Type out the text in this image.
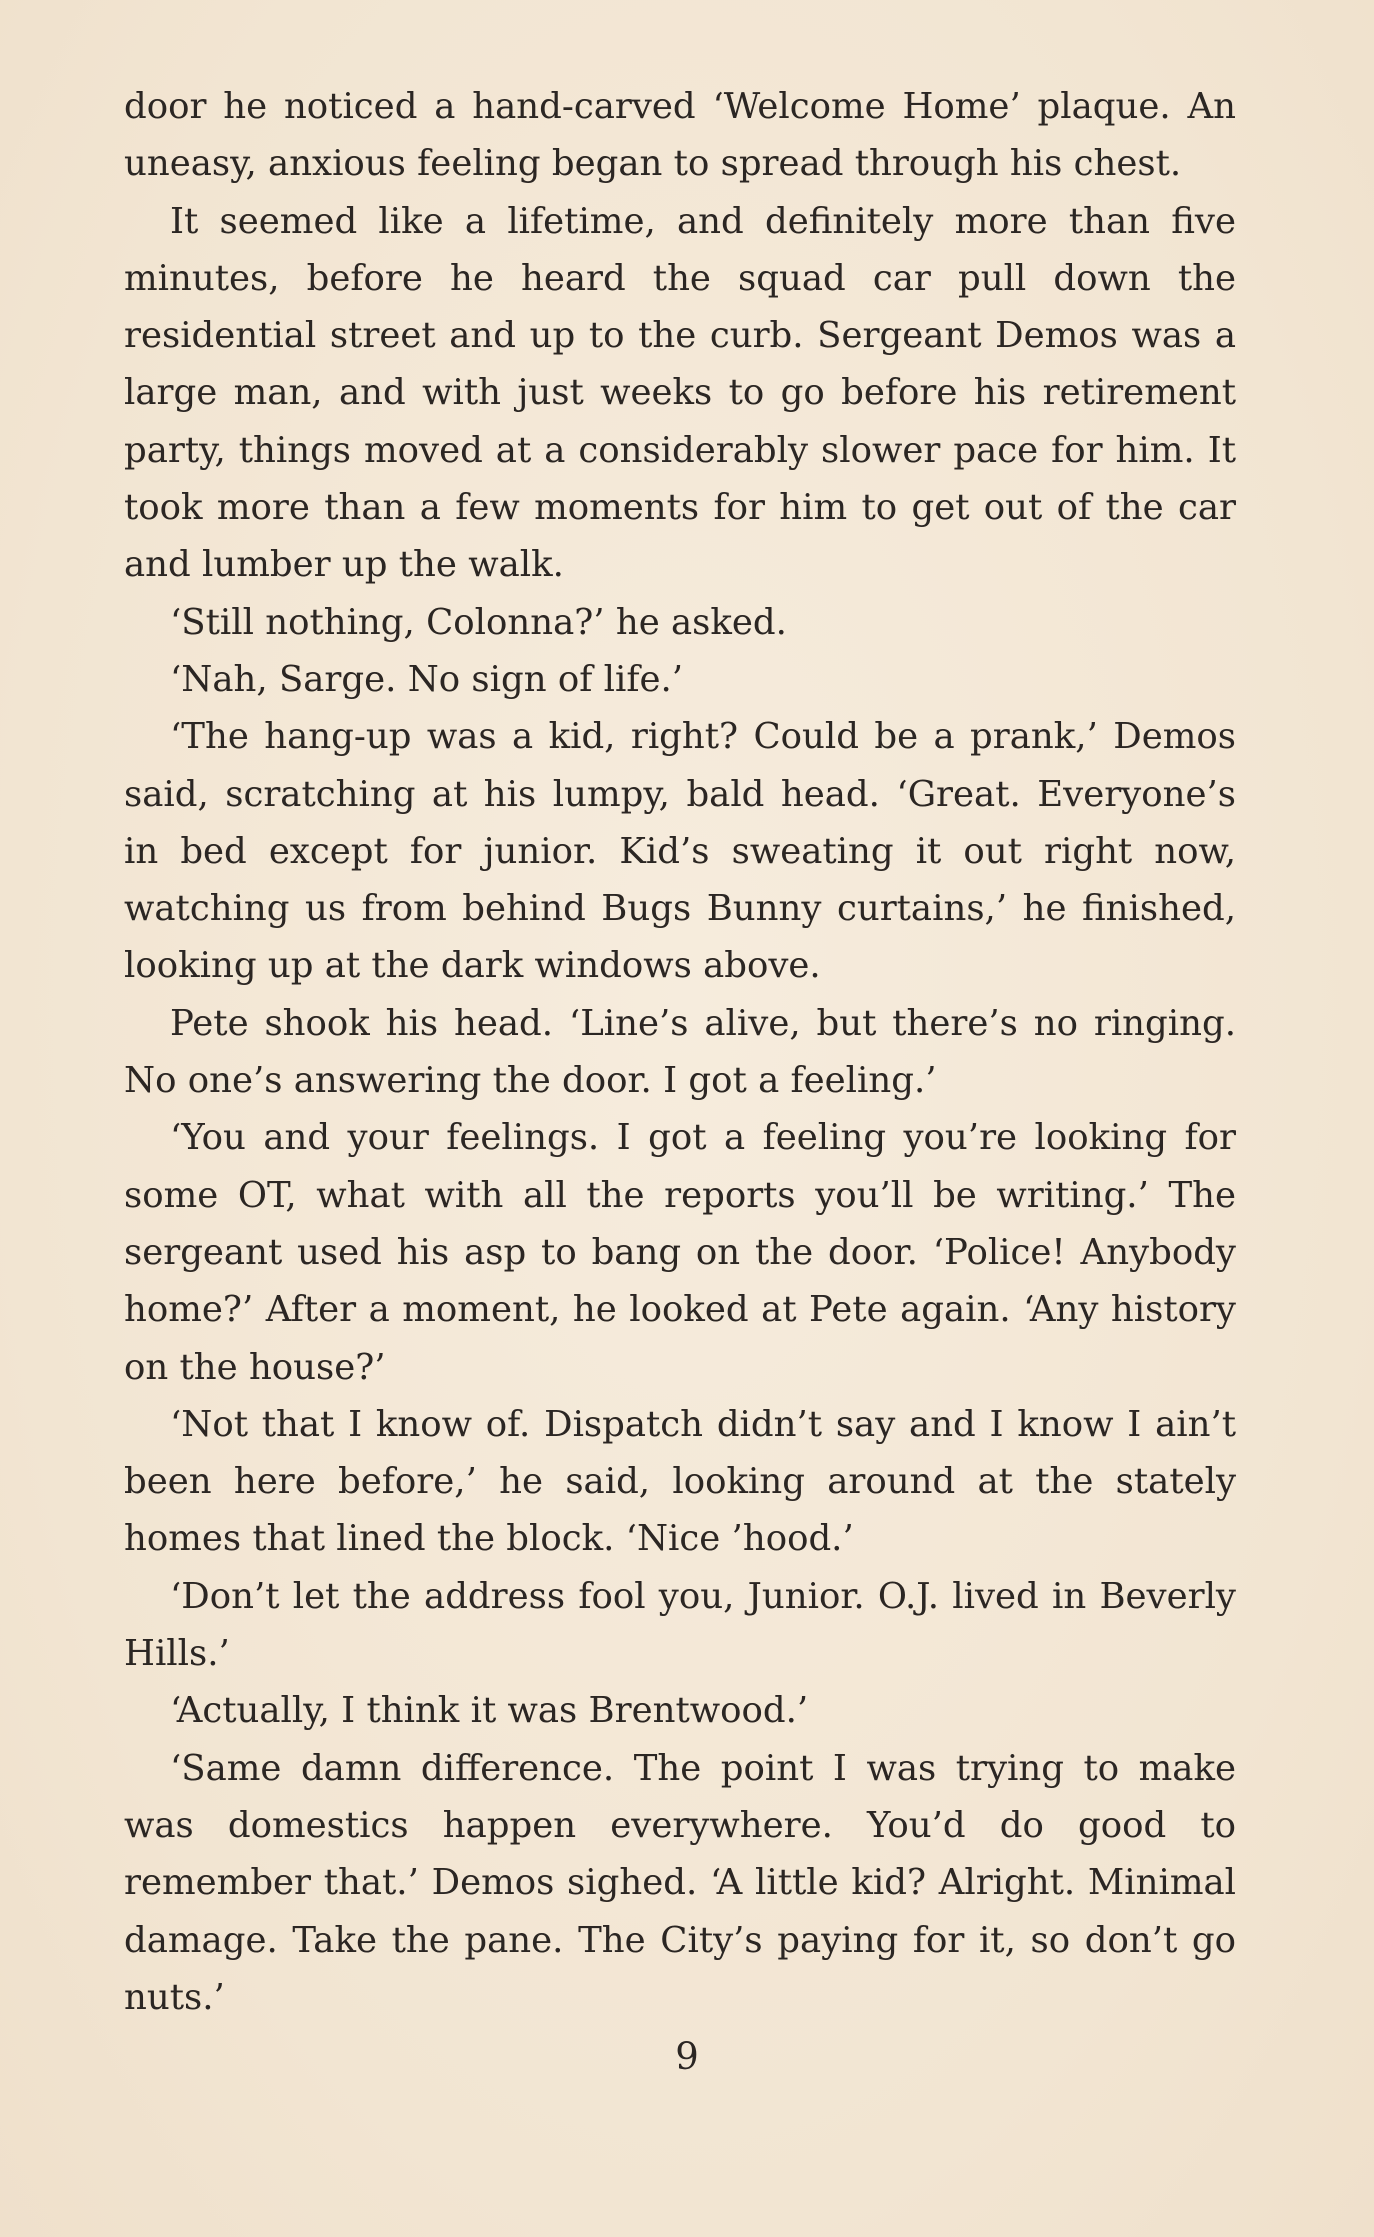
door he noticed a hand-carved ‘Welcome Home’ plaque. An uneasy, anxious feeling began to spread through his chest.

It seemed like a lifetime, and definitely more than five minutes, before he heard the squad car pull down the residential street and up to the curb. Sergeant Demos was a large man, and with just weeks to go before his retirement party, things moved at a considerably slower pace for him. It took more than a few moments for him to get out of the car and lumber up the walk.

‘Still nothing, Colonna?’ he asked.

‘Nah, Sarge. No sign of life.’

‘The hang-up was a kid, right? Could be a prank,’ Demos said, scratching at his lumpy, bald head. ‘Great. Everyone’s in bed except for junior. Kid’s sweating it out right now, watching us from behind Bugs Bunny curtains,’ he finished, looking up at the dark windows above.

Pete shook his head. ‘Line’s alive, but there’s no ringing. No one’s answering the door. I got a feeling.’

‘You and your feelings. I got a feeling you’re looking for some OT, what with all the reports you’ll be writing.’ The sergeant used his asp to bang on the door. ‘Police! Anybody home?’ After a moment, he looked at Pete again. ‘Any history on the house?’

‘Not that I know of. Dispatch didn’t say and I know I ain’t been here before,’ he said, looking around at the stately homes that lined the block. ‘Nice ’hood.’

‘Don’t let the address fool you, Junior. O.J. lived in Beverly Hills.’

‘Actually, I think it was Brentwood.’

‘Same damn difference. The point I was trying to make was domestics happen everywhere. You’d do good to remember that.’ Demos sighed. ‘A little kid? Alright. Minimal damage. Take the pane. The City’s paying for it, so don’t go nuts.’

9
